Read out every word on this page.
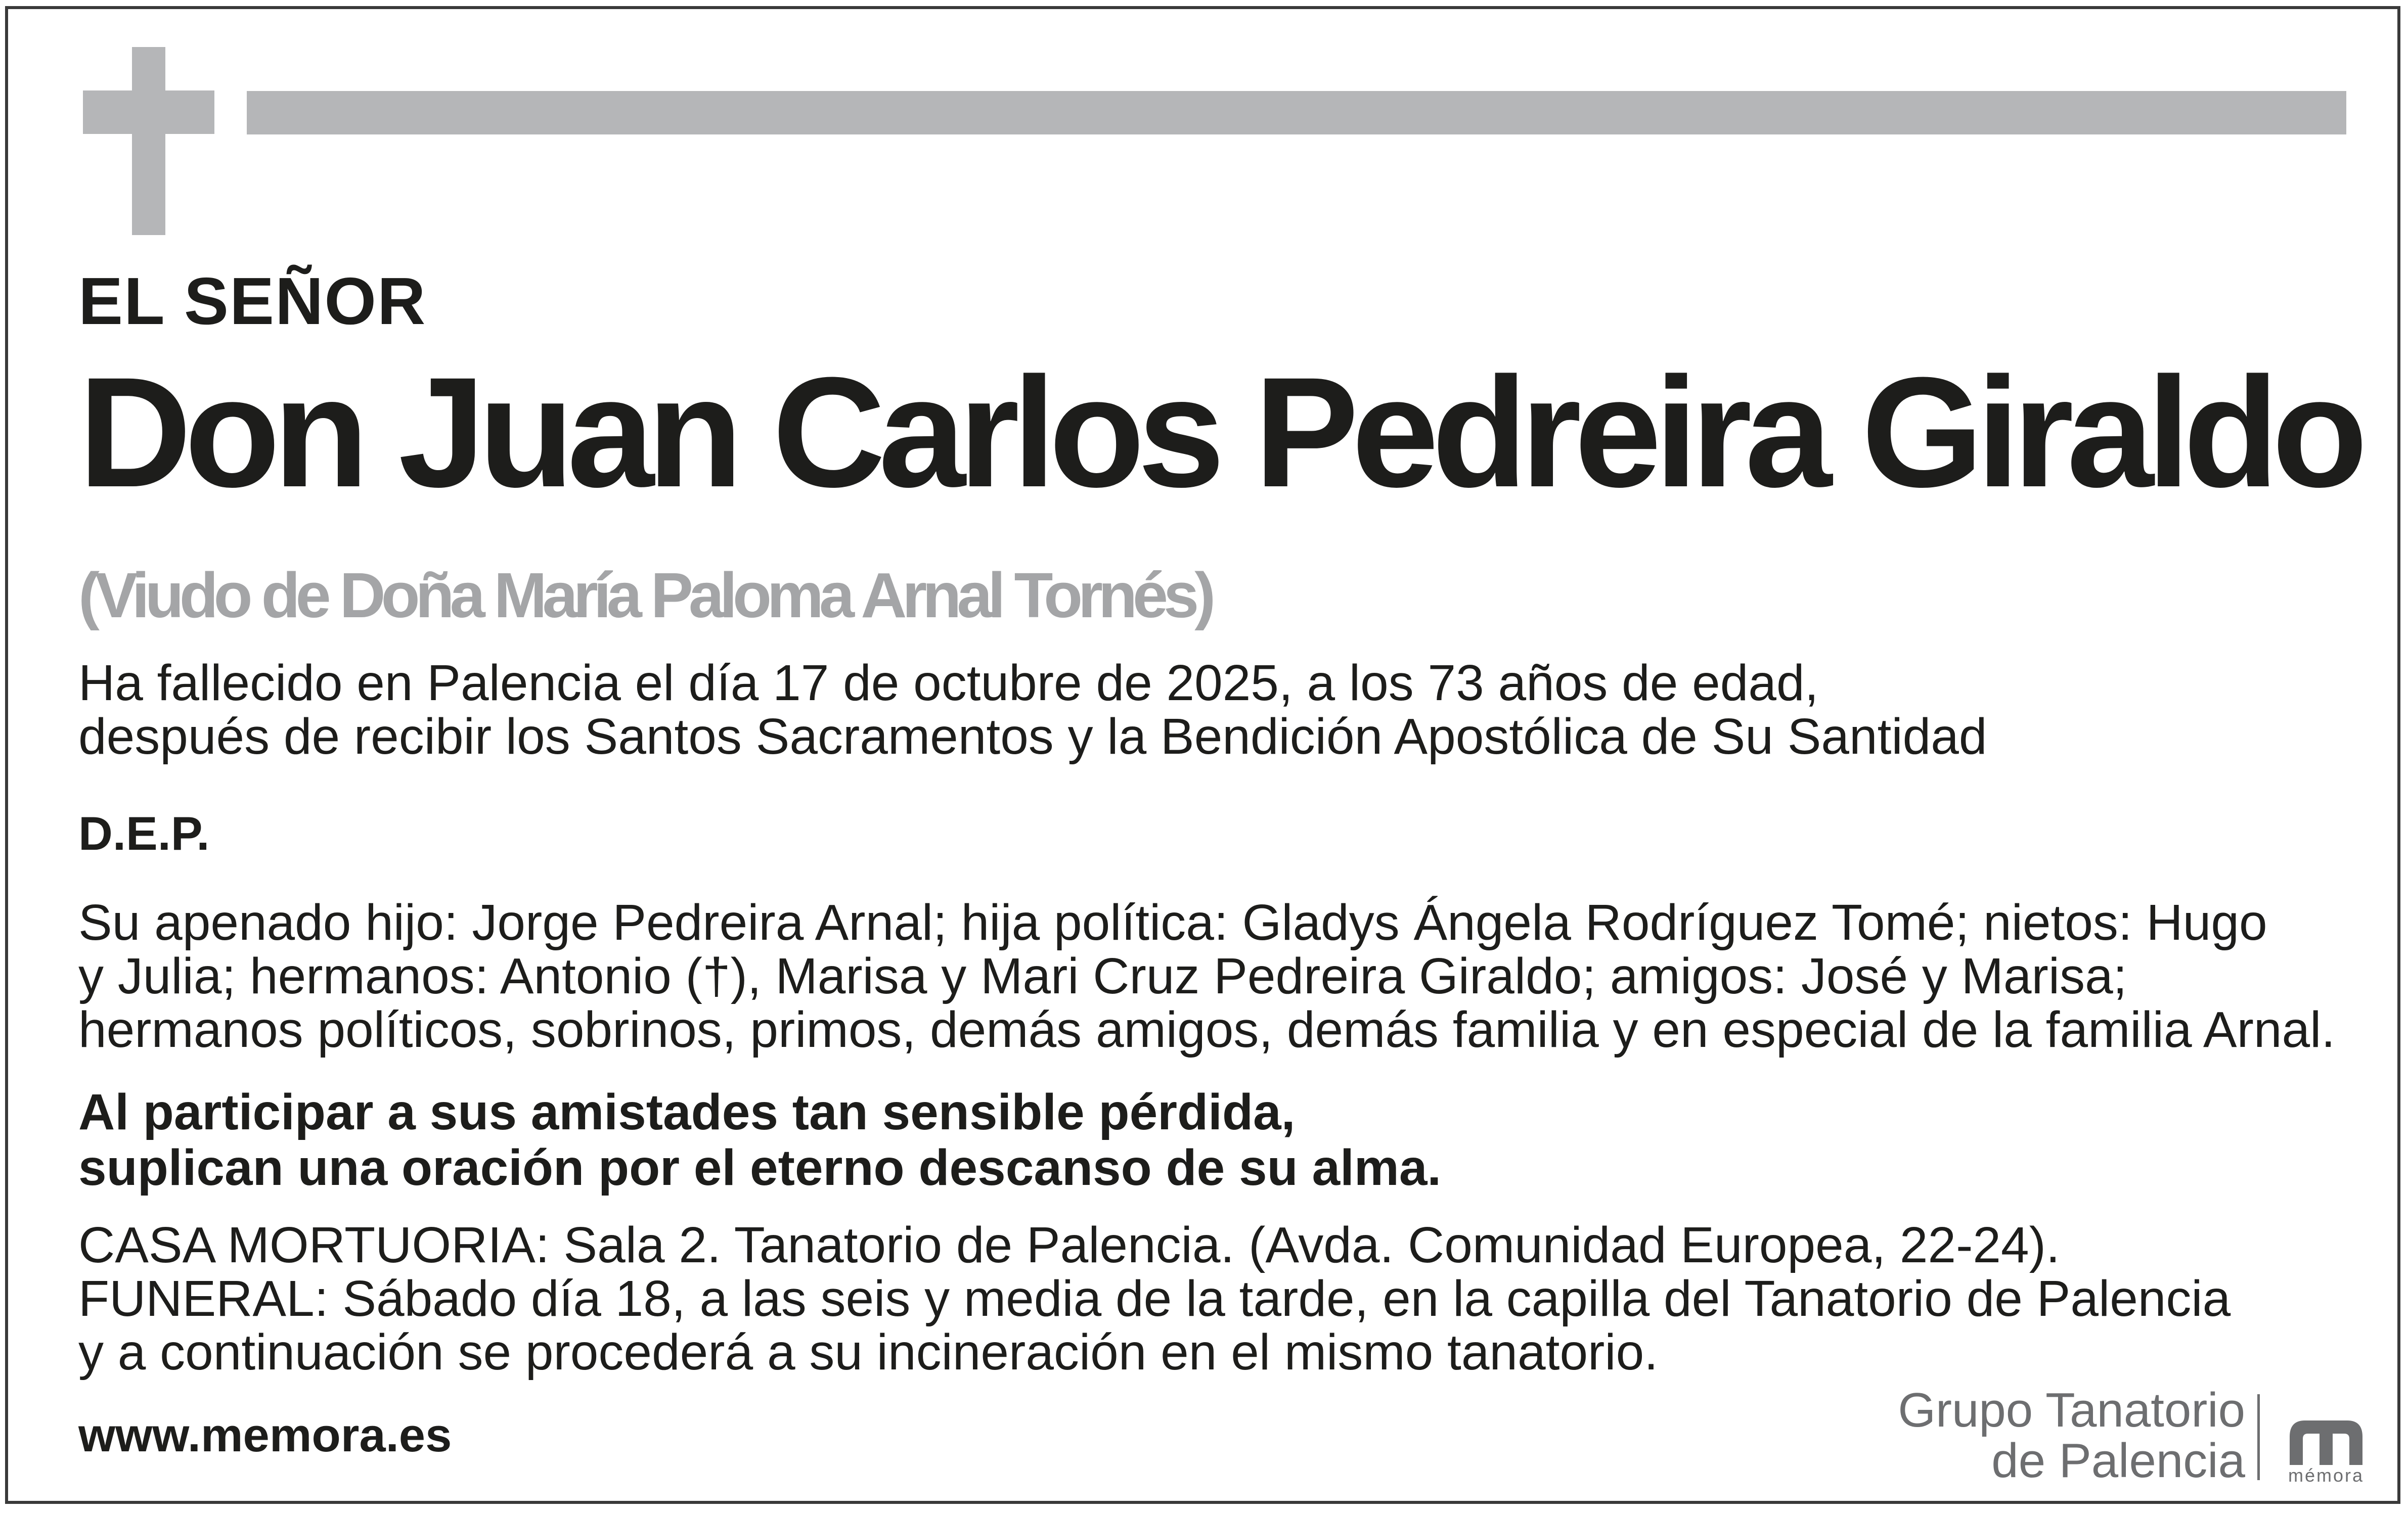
EL SEÑOR
Don Juan Carlos Pedreira Giraldo
(Viudo de Doña María Paloma Arnal Tornés)
Ha fallecido en Palencia el día 17 de octubre de 2025, a los 73 años de edad,
después de recibir los Santos Sacramentos y la Bendición Apostólica de Su Santidad
D.E.P.
Su apenado hijo: Jorge Pedreira Arnal; hija política: Gladys Ángela Rodríguez Tomé; nietos: Hugo
y Julia; hermanos: Antonio (†), Marisa y Mari Cruz Pedreira Giraldo; amigos: José y Marisa;
hermanos políticos, sobrinos, primos, demás amigos, demás familia y en especial de la familia Arnal.
Al participar a sus amistades tan sensible pérdida,
suplican una oración por el eterno descanso de su alma.
CASA MORTUORIA: Sala 2. Tanatorio de Palencia. (Avda. Comunidad Europea, 22-24).
FUNERAL: Sábado día 18, a las seis y media de la tarde, en la capilla del Tanatorio de Palencia
y a continuación se procederá a su incineración en el mismo tanatorio.
www.memora.es	Grupo Tanatorio
de Palencia	mémora
